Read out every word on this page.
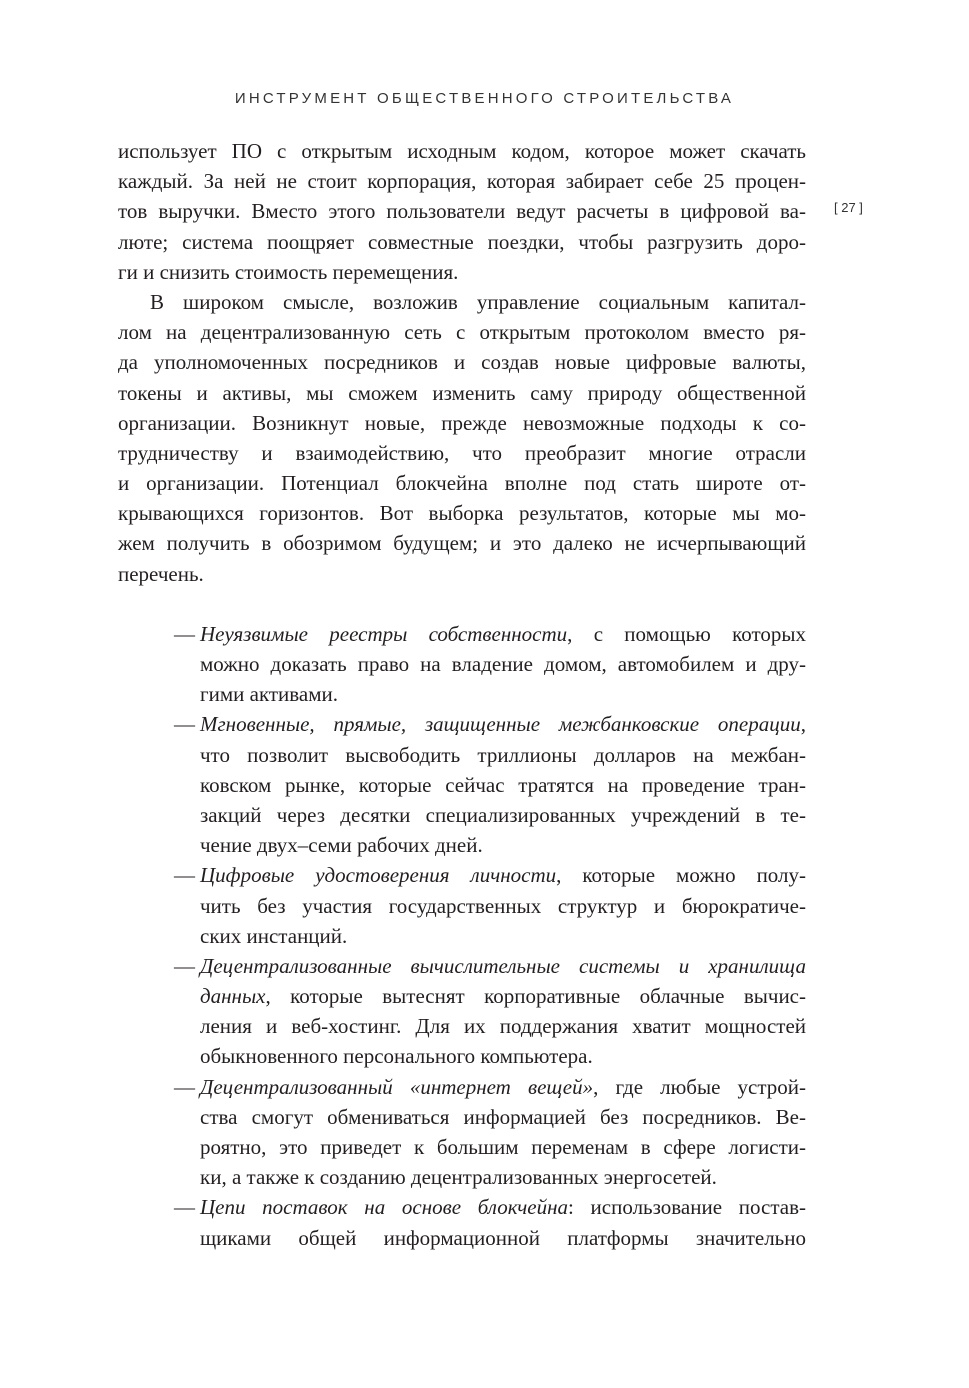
ИНСТРУМЕНТ ОБЩЕСТВЕННОГО СТРОИТЕЛЬСТВА
[ 27 ]
использует ПО с открытым исходным кодом, которое может скачать
каждый. За ней не стоит корпорация, которая забирает себе 25 процен-
тов выручки. Вместо этого пользователи ведут расчеты в цифровой ва-
люте; система поощряет совместные поездки, чтобы разгрузить доро-
ги и снизить стоимость перемещения.
В широком смысле, возложив управление социальным капитал-
лом на децентрализованную сеть с открытым протоколом вместо ря-
да уполномоченных посредников и создав новые цифровые валюты,
токены и активы, мы сможем изменить саму природу общественной
организации. Возникнут новые, прежде невозможные подходы к со-
трудничеству и взаимодействию, что преобразит многие отрасли
и организации. Потенциал блокчейна вполне под стать широте от-
крывающихся горизонтов. Вот выборка результатов, которые мы мо-
жем получить в обозримом будущем; и это далеко не исчерпывающий
перечень.
— Неуязвимые реестры собственности, с помощью которых
можно доказать право на владение домом, автомобилем и дру-
гими активами.
— Мгновенные, прямые, защищенные межбанковские операции,
что позволит высвободить триллионы долларов на межбан-
ковском рынке, которые сейчас тратятся на проведение тран-
закций через десятки специализированных учреждений в те-
чение двух–семи рабочих дней.
— Цифровые удостоверения личности, которые можно полу-
чить без участия государственных структур и бюрократиче-
ских инстанций.
— Децентрализованные вычислительные системы и хранилища
данных, которые вытеснят корпоративные облачные вычис-
ления и веб-хостинг. Для их поддержания хватит мощностей
обыкновенного персонального компьютера.
— Децентрализованный «интернет вещей», где любые устрой-
ства смогут обмениваться информацией без посредников. Ве-
роятно, это приведет к большим переменам в сфере логисти-
ки, а также к созданию децентрализованных энергосетей.
— Цепи поставок на основе блокчейна: использование постав-
щиками общей информационной платформы значительно
